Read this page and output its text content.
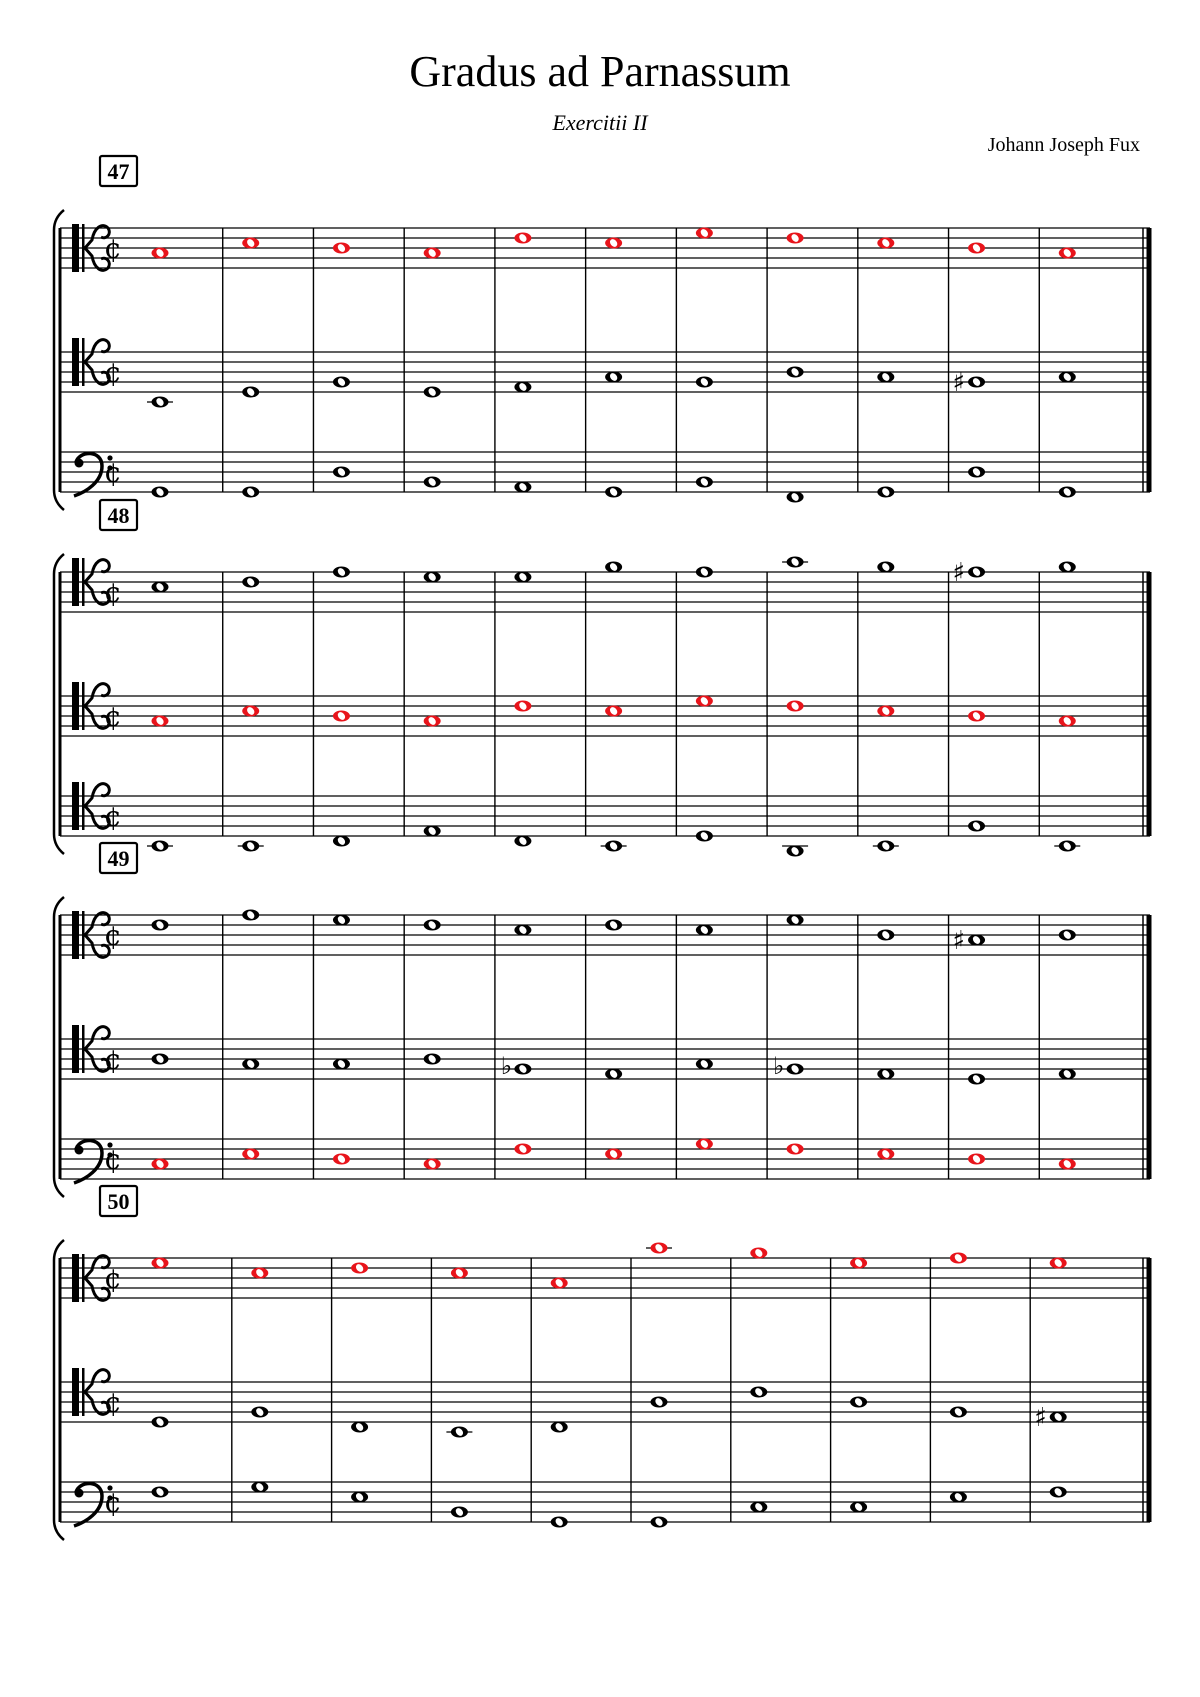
Gradus ad Parnassum
Exercitii II
Johann Joseph Fux
47
¢
¢	♯
¢
48
¢
♯
¢
¢
49
¢	♯
¢	♭	♭
¢
50
¢
¢	♯
¢
